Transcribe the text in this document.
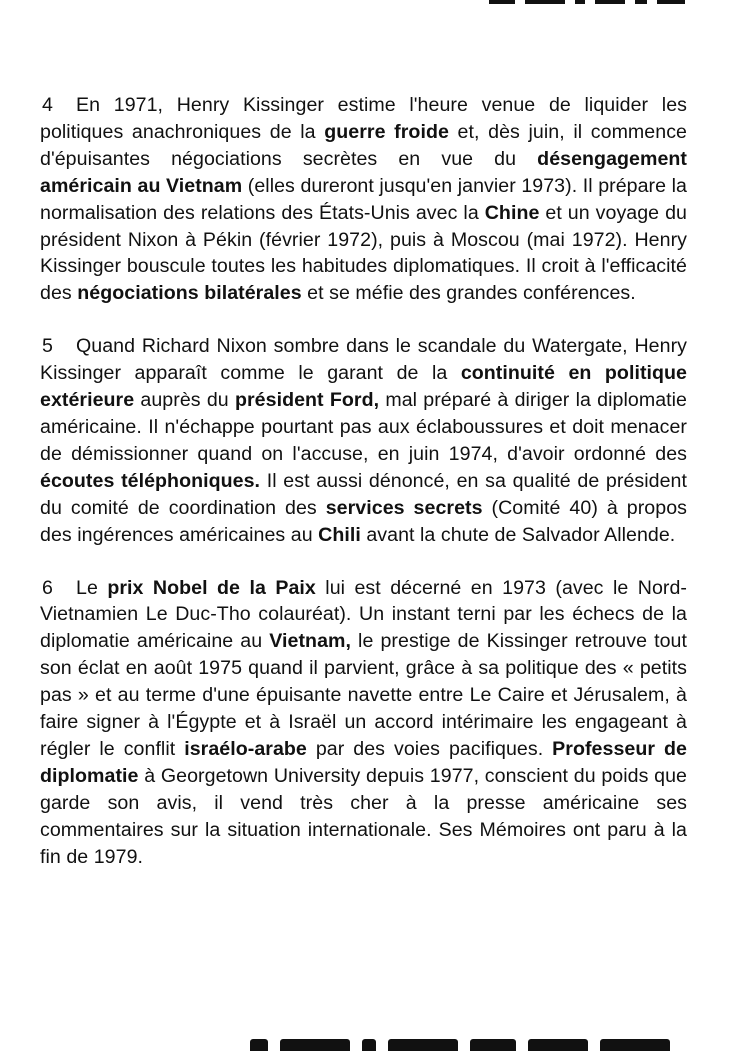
4 En 1971, Henry Kissinger estime l'heure venue de liquider les politiques anachroniques de la guerre froide et, dès juin, il commence d'épuisantes négociations secrètes en vue du désengagement américain au Vietnam (elles dureront jusqu'en janvier 1973). Il prépare la normalisation des relations des États-Unis avec la Chine et un voyage du président Nixon à Pékin (février 1972), puis à Moscou (mai 1972). Henry Kissinger bouscule toutes les habitudes diplomatiques. Il croit à l'efficacité des négociations bilatérales et se méfie des grandes conférences.

5 Quand Richard Nixon sombre dans le scandale du Watergate, Henry Kissinger apparaît comme le garant de la continuité en politique extérieure auprès du président Ford, mal préparé à diriger la diplomatie américaine. Il n'échappe pourtant pas aux éclaboussures et doit menacer de démissionner quand on l'accuse, en juin 1974, d'avoir ordonné des écoutes téléphoniques. Il est aussi dénoncé, en sa qualité de président du comité de coordination des services secrets (Comité 40) à propos des ingérences américaines au Chili avant la chute de Salvador Allende.

6 Le prix Nobel de la Paix lui est décerné en 1973 (avec le Nord-Vietnamien Le Duc-Tho colauréat). Un instant terni par les échecs de la diplomatie américaine au Vietnam, le prestige de Kissinger retrouve tout son éclat en août 1975 quand il parvient, grâce à sa politique des « petits pas » et au terme d'une épuisante navette entre Le Caire et Jérusalem, à faire signer à l'Égypte et à Israël un accord intérimaire les engageant à régler le conflit israélo-arabe par des voies pacifiques. Professeur de diplomatie à Georgetown University depuis 1977, conscient du poids que garde son avis, il vend très cher à la presse américaine ses commentaires sur la situation internationale. Ses Mémoires ont paru à la fin de 1979.
